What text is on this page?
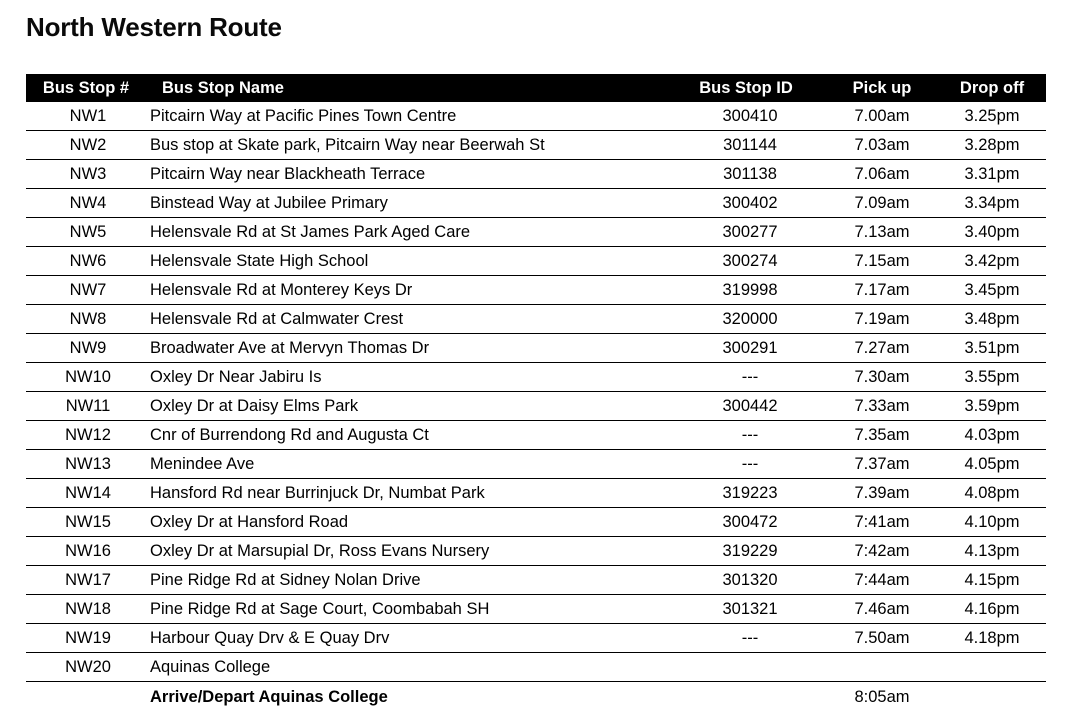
North Western Route
Bus Stop #	Bus Stop Name	Bus Stop ID	Pick up	Drop off
NW1	Pitcairn Way at Pacific Pines Town Centre	300410	7.00am	3.25pm
NW2	Bus stop at Skate park, Pitcairn Way near Beerwah St	301144	7.03am	3.28pm
NW3	Pitcairn Way near Blackheath Terrace	301138	7.06am	3.31pm
NW4	Binstead Way at Jubilee Primary	300402	7.09am	3.34pm
NW5	Helensvale Rd at St James Park Aged Care	300277	7.13am	3.40pm
NW6	Helensvale State High School	300274	7.15am	3.42pm
NW7	Helensvale Rd at Monterey Keys Dr	319998	7.17am	3.45pm
NW8	Helensvale Rd at Calmwater Crest	320000	7.19am	3.48pm
NW9	Broadwater Ave at Mervyn Thomas Dr	300291	7.27am	3.51pm
NW10	Oxley Dr Near Jabiru Is	---	7.30am	3.55pm
NW11	Oxley Dr at Daisy Elms Park	300442	7.33am	3.59pm
NW12	Cnr of Burrendong Rd and Augusta Ct	---	7.35am	4.03pm
NW13	Menindee Ave	---	7.37am	4.05pm
NW14	Hansford Rd near Burrinjuck Dr, Numbat Park	319223	7.39am	4.08pm
NW15	Oxley Dr at Hansford Road	300472	7:41am	4.10pm
NW16	Oxley Dr at Marsupial Dr, Ross Evans Nursery	319229	7:42am	4.13pm
NW17	Pine Ridge Rd at Sidney Nolan Drive	301320	7:44am	4.15pm
NW18	Pine Ridge Rd at Sage Court, Coombabah SH	301321	7.46am	4.16pm
NW19	Harbour Quay Drv & E Quay Drv	---	7.50am	4.18pm
NW20	Aquinas College			
	Arrive/Depart Aquinas College		8:05am	
